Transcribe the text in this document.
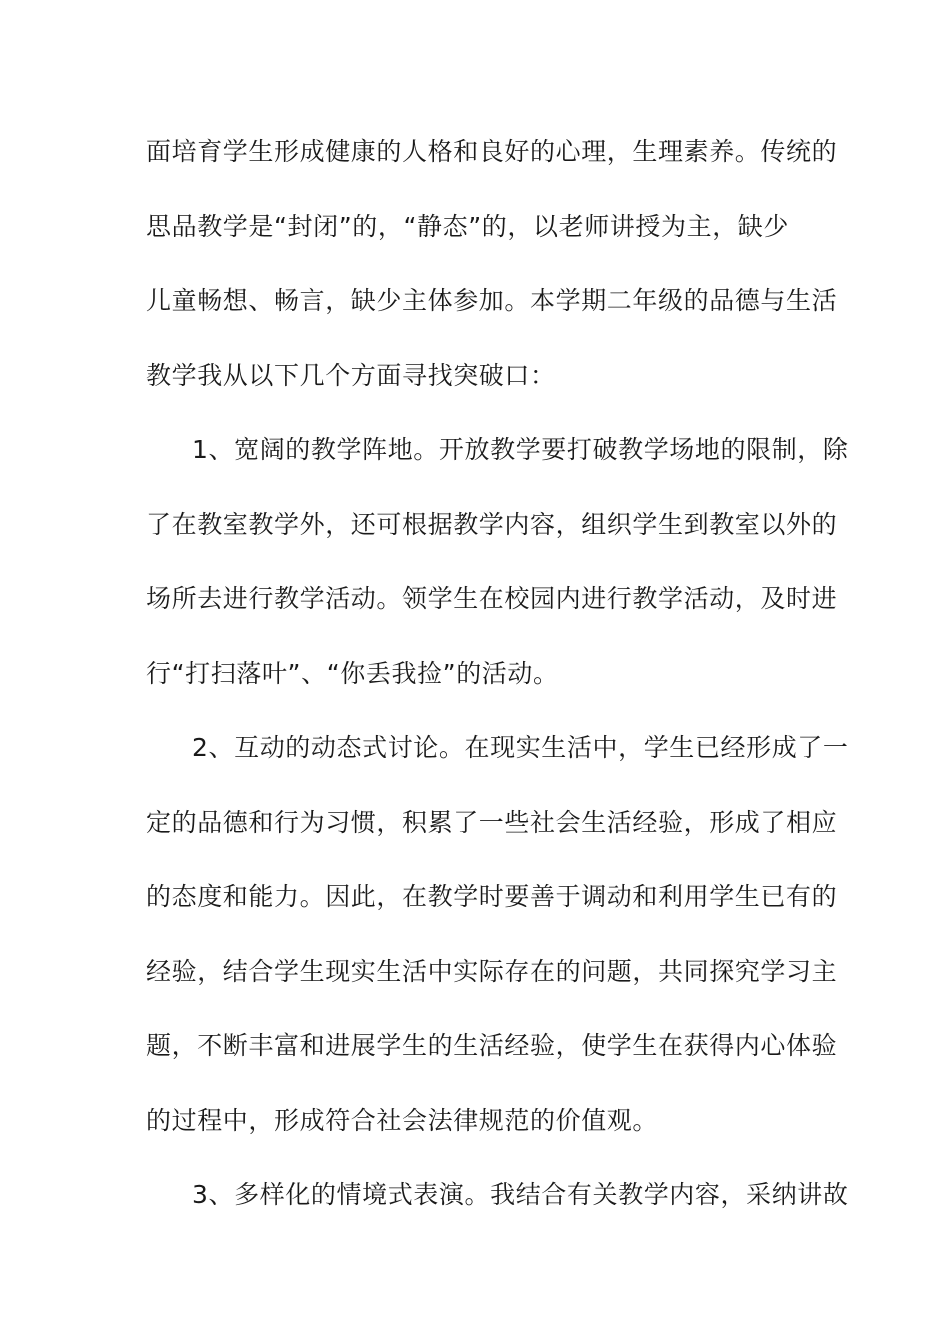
面培育学生形成健康的人格和良好的心理，生理素养。传统的
思品教学是“封闭”的，“静态”的，以老师讲授为主，缺少
儿童畅想、畅言，缺少主体参加。本学期二年级的品德与生活
教学我从以下几个方面寻找突破口：
1、宽阔的教学阵地。开放教学要打破教学场地的限制，除
了在教室教学外，还可根据教学内容，组织学生到教室以外的
场所去进行教学活动。领学生在校园内进行教学活动，及时进
行“打扫落叶”、“你丢我捡”的活动。
2、互动的动态式讨论。在现实生活中，学生已经形成了一
定的品德和行为习惯，积累了一些社会生活经验，形成了相应
的态度和能力。因此，在教学时要善于调动和利用学生已有的
经验，结合学生现实生活中实际存在的问题，共同探究学习主
题，不断丰富和进展学生的生活经验，使学生在获得内心体验
的过程中，形成符合社会法律规范的价值观。
3、多样化的情境式表演。我结合有关教学内容，采纳讲故
